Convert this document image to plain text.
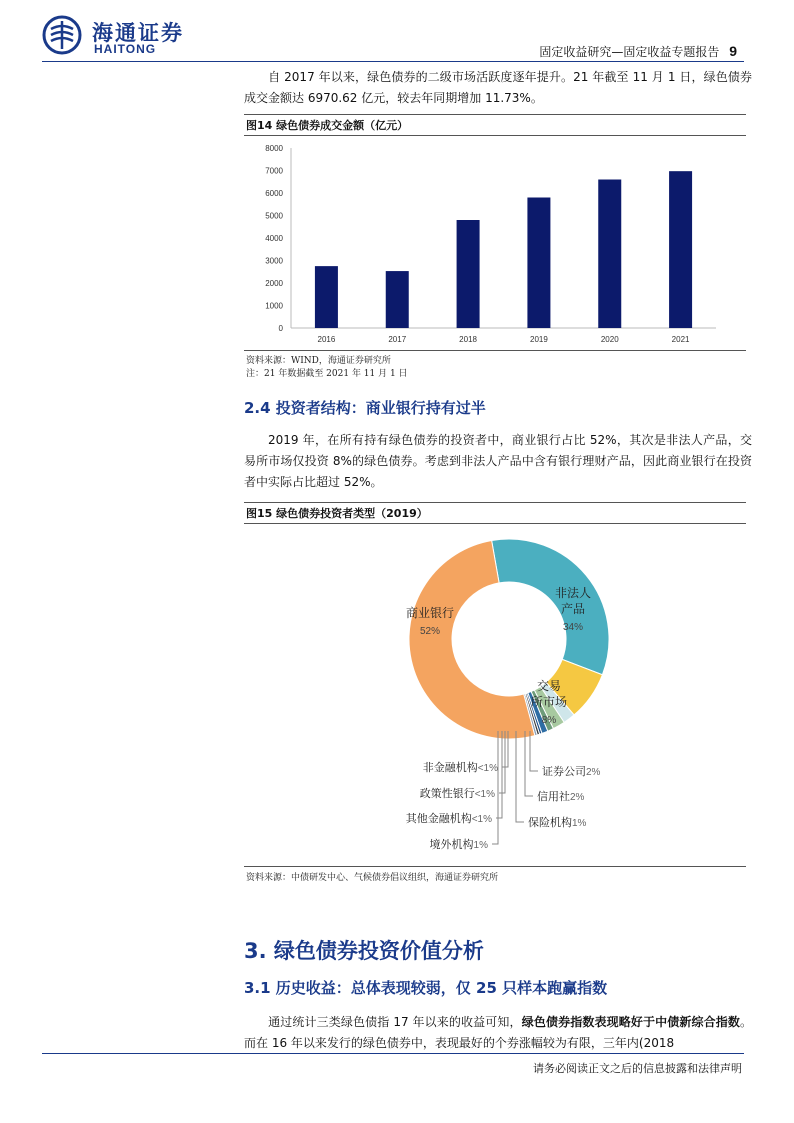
海通证券
HAITONG	固定收益研究—固定收益专题报告 9
自 2017 年以来，绿色债券的二级市场活跃度逐年提升。21 年截至 11 月 1 日，绿色债券成交金额达 6970.62 亿元，较去年同期增加 11.73%。
图14 绿色债券成交金额（亿元）
0
1000
2000
3000
4000
5000
6000
7000
8000
2016	2017	2018	2019	2020	2021
资料来源：WIND，海通证券研究所
注：21 年数据截至 2021 年 11 月 1 日
2.4 投资者结构：商业银行持有过半
2019 年，在所有持有绿色债券的投资者中，商业银行占比 52%，其次是非法人产品，交易所市场仅投资 8%的绿色债券。考虑到非法人产品中含有银行理财产品，因此商业银行在投资者中实际占比超过 52%。
图15 绿色债券投资者类型（2019）
商业银行
52%
非法人
产品
34%
交易
所市场
8%
非金融机构<1%
政策性银行<1%
其他金融机构<1%
境外机构1%
证券公司2%
信用社2%
保险机构1%
资料来源：中债研发中心、气候债券倡议组织，海通证券研究所
3. 绿色债券投资价值分析
3.1 历史收益：总体表现较弱，仅 25 只样本跑赢指数
通过统计三类绿色债指 17 年以来的收益可知，绿色债券指数表现略好于中债新综合指数。而在 16 年以来发行的绿色债券中，表现最好的个券涨幅较为有限，三年内(2018
请务必阅读正文之后的信息披露和法律声明
